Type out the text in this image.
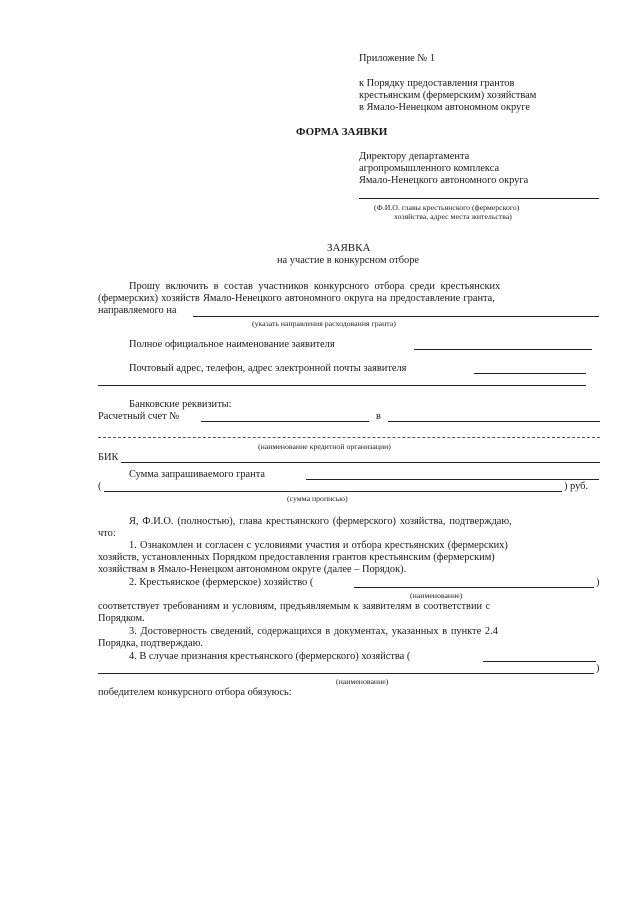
Приложение № 1
к Порядку предоставления грантов
крестьянским (фермерским) хозяйствам
в Ямало-Ненецком автономном округе
ФОРМА ЗАЯВКИ
Директору департамента
агропромышленного комплекса
Ямало-Ненецкого автономного округа
(Ф.И.О. главы крестьянского (фермерского)
хозяйства, адрес места жительства)
ЗАЯВКА
на участие в конкурсном отборе
Прошу включить в состав участников конкурсного отбора среди крестьянских
(фермерских) хозяйств Ямало-Ненецкого автономного округа на предоставление гранта,
направляемого на
(указать направления расходования гранта)
Полное официальное наименование заявителя
Почтовый адрес, телефон, адрес электронной почты заявителя
Банковские реквизиты:
Расчетный счет №	в
(наименование кредитной организации)
БИК
Сумма запрашиваемого гранта
(	) руб.
(сумма прописью)
Я, Ф.И.О. (полностью), глава крестьянского (фермерского) хозяйства, подтверждаю,
что:
1. Ознакомлен и согласен с условиями участия и отбора крестьянских (фермерских)
хозяйств, установленных Порядком предоставления грантов крестьянским (фермерским)
хозяйствам в Ямало-Ненецком автономном округе (далее – Порядок).
2. Крестьянское (фермерское) хозяйство (	)
(наименование)
соответствует требованиям и условиям, предъявляемым к заявителям в соответствии с
Порядком.
3. Достоверность сведений, содержащихся в документах, указанных в пункте 2.4
Порядка, подтверждаю.
4. В случае признания крестьянского (фермерского) хозяйства (
)
(наименование)
победителем конкурсного отбора обязуюсь:
